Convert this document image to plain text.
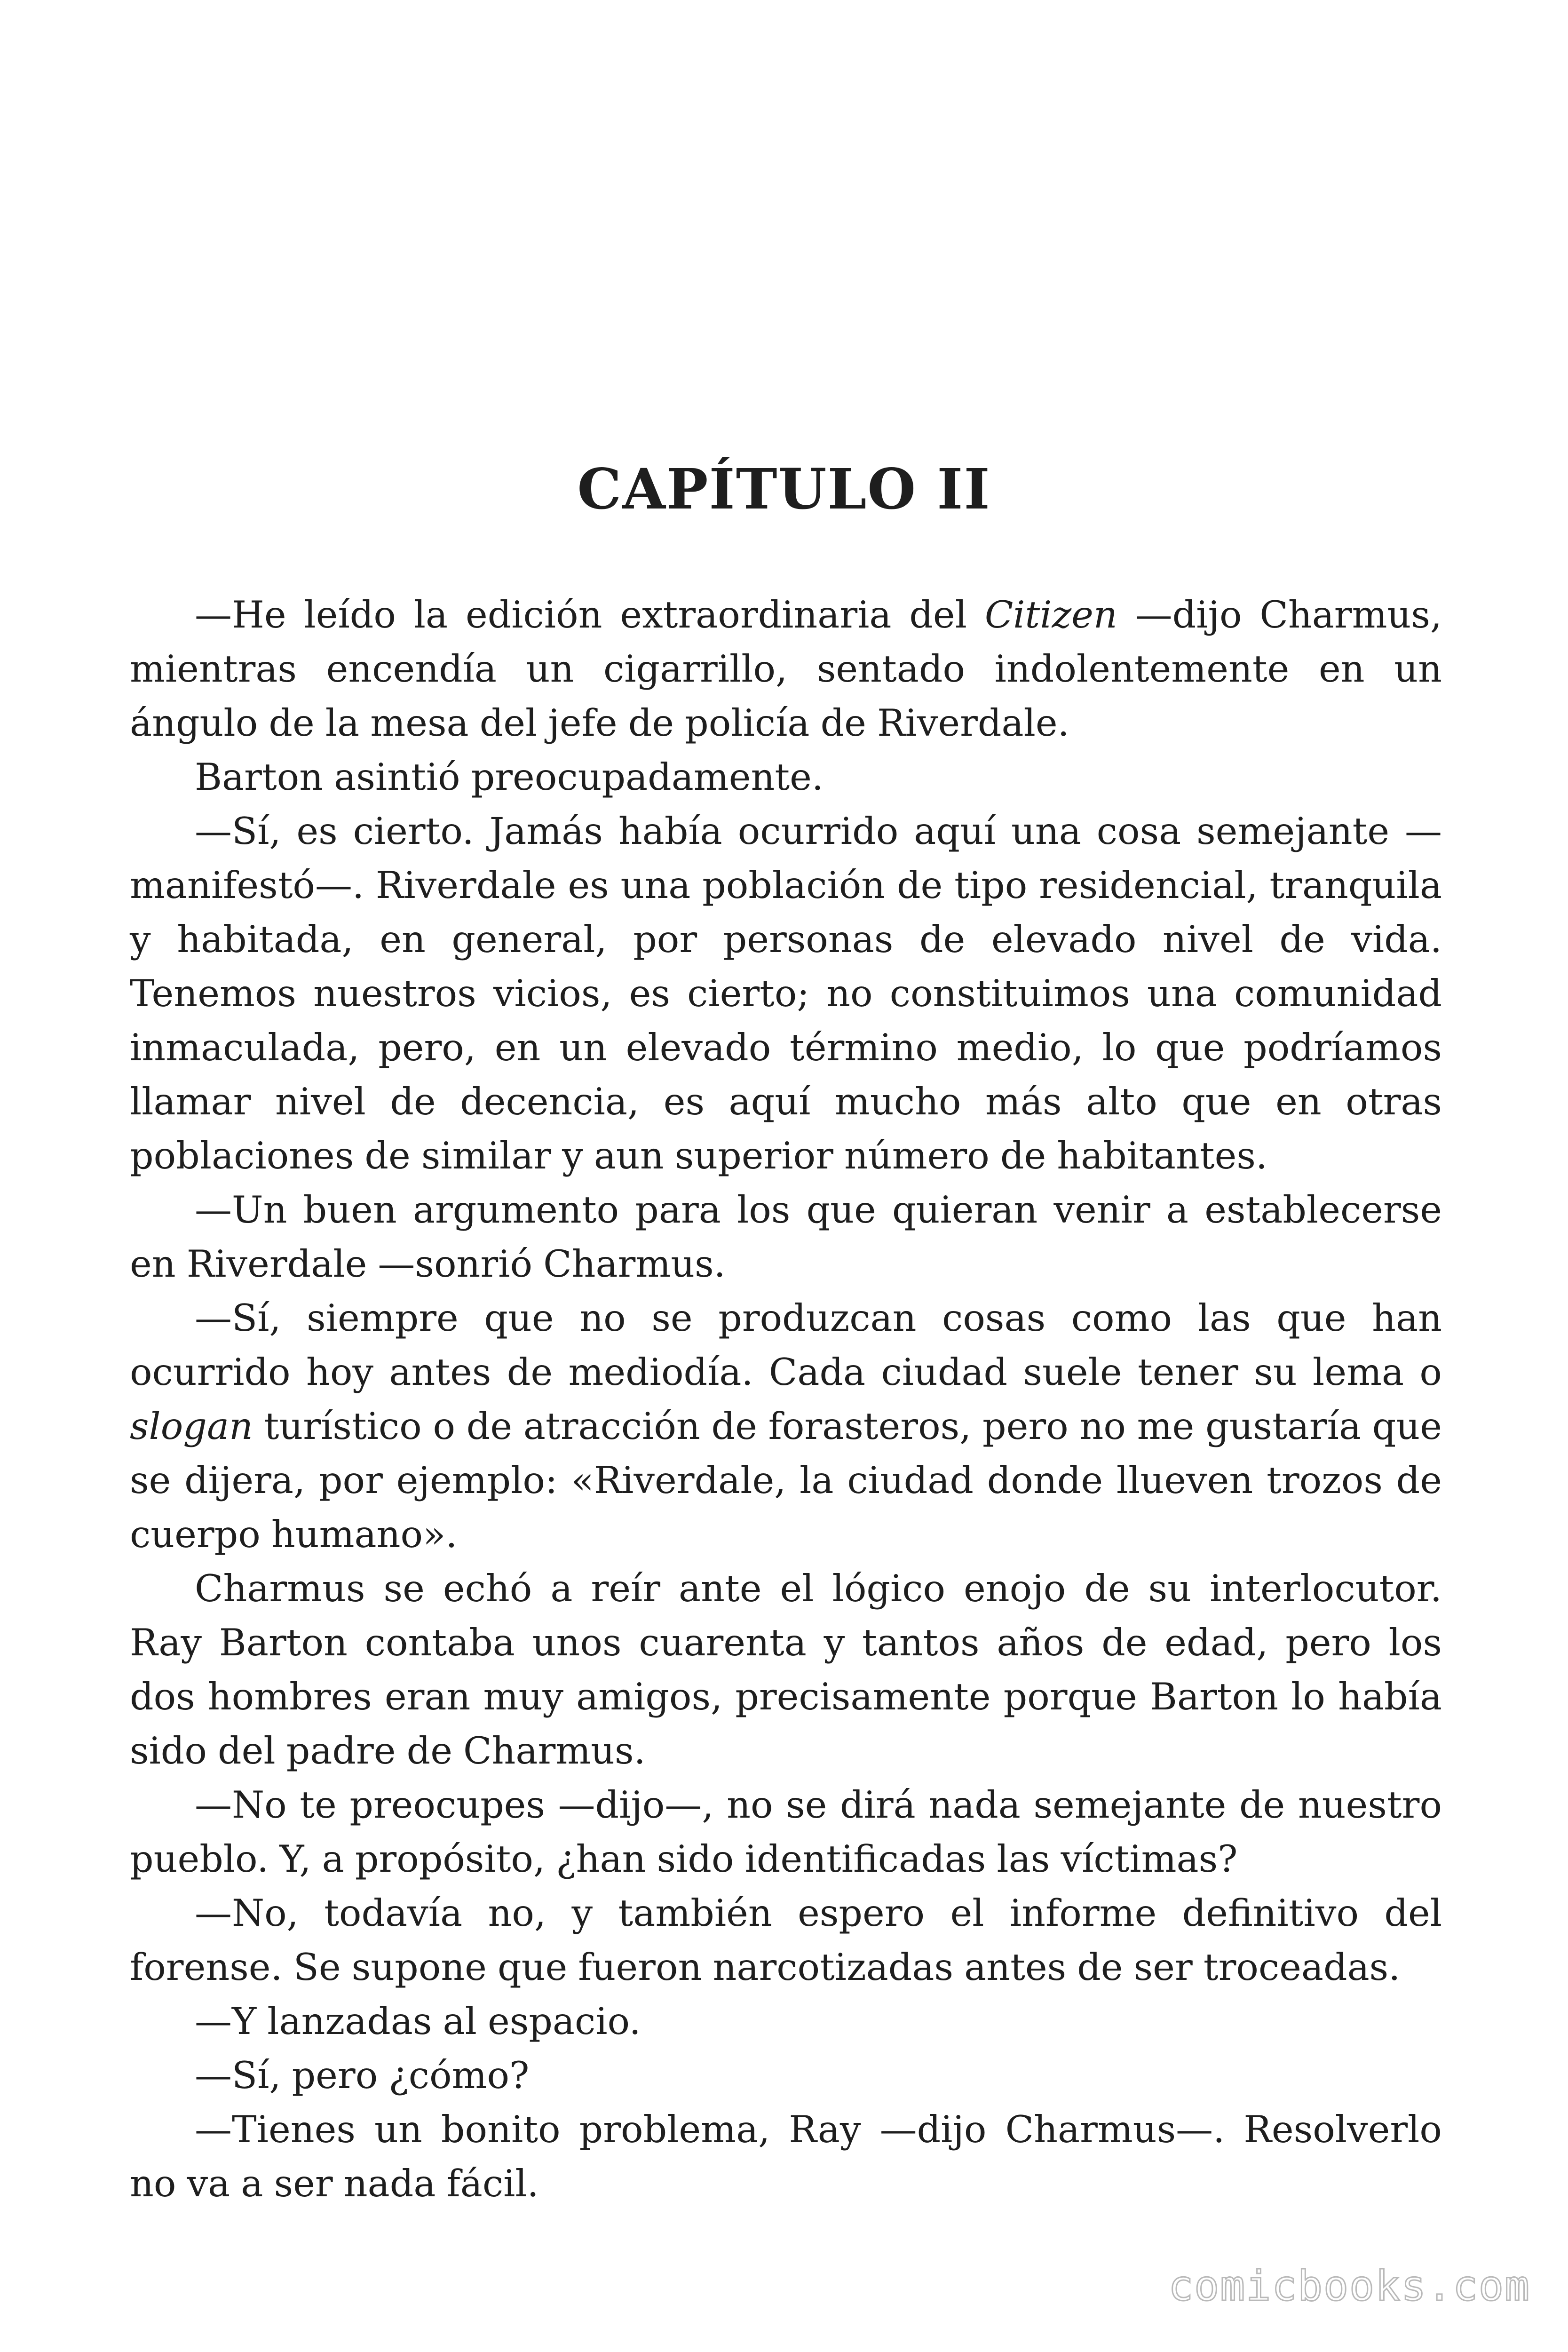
CAPÍTULO II

—He leído la edición extraordinaria del Citizen —dijo Charmus, mientras encendía un cigarrillo, sentado indolentemente en un ángulo de la mesa del jefe de policía de Riverdale.

Barton asintió preocupadamente.

—Sí, es cierto. Jamás había ocurrido aquí una cosa semejante —manifestó—. Riverdale es una población de tipo residencial, tranquila y habitada, en general, por personas de elevado nivel de vida. Tenemos nuestros vicios, es cierto; no constituimos una comunidad inmaculada, pero, en un elevado término medio, lo que podríamos llamar nivel de decencia, es aquí mucho más alto que en otras poblaciones de similar y aun superior número de habitantes.

—Un buen argumento para los que quieran venir a establecerse en Riverdale —sonrió Charmus.

—Sí, siempre que no se produzcan cosas como las que han ocurrido hoy antes de mediodía. Cada ciudad suele tener su lema o slogan turístico o de atracción de forasteros, pero no me gustaría que se dijera, por ejemplo: «Riverdale, la ciudad donde llueven trozos de cuerpo humano».

Charmus se echó a reír ante el lógico enojo de su interlocutor. Ray Barton contaba unos cuarenta y tantos años de edad, pero los dos hombres eran muy amigos, precisamente porque Barton lo había sido del padre de Charmus.

—No te preocupes —dijo—, no se dirá nada semejante de nuestro pueblo. Y, a propósito, ¿han sido identificadas las víctimas?

—No, todavía no, y también espero el informe definitivo del forense. Se supone que fueron narcotizadas antes de ser troceadas.

—Y lanzadas al espacio.

—Sí, pero ¿cómo?

—Tienes un bonito problema, Ray —dijo Charmus—. Resolverlo no va a ser nada fácil.

comicbooks.com
